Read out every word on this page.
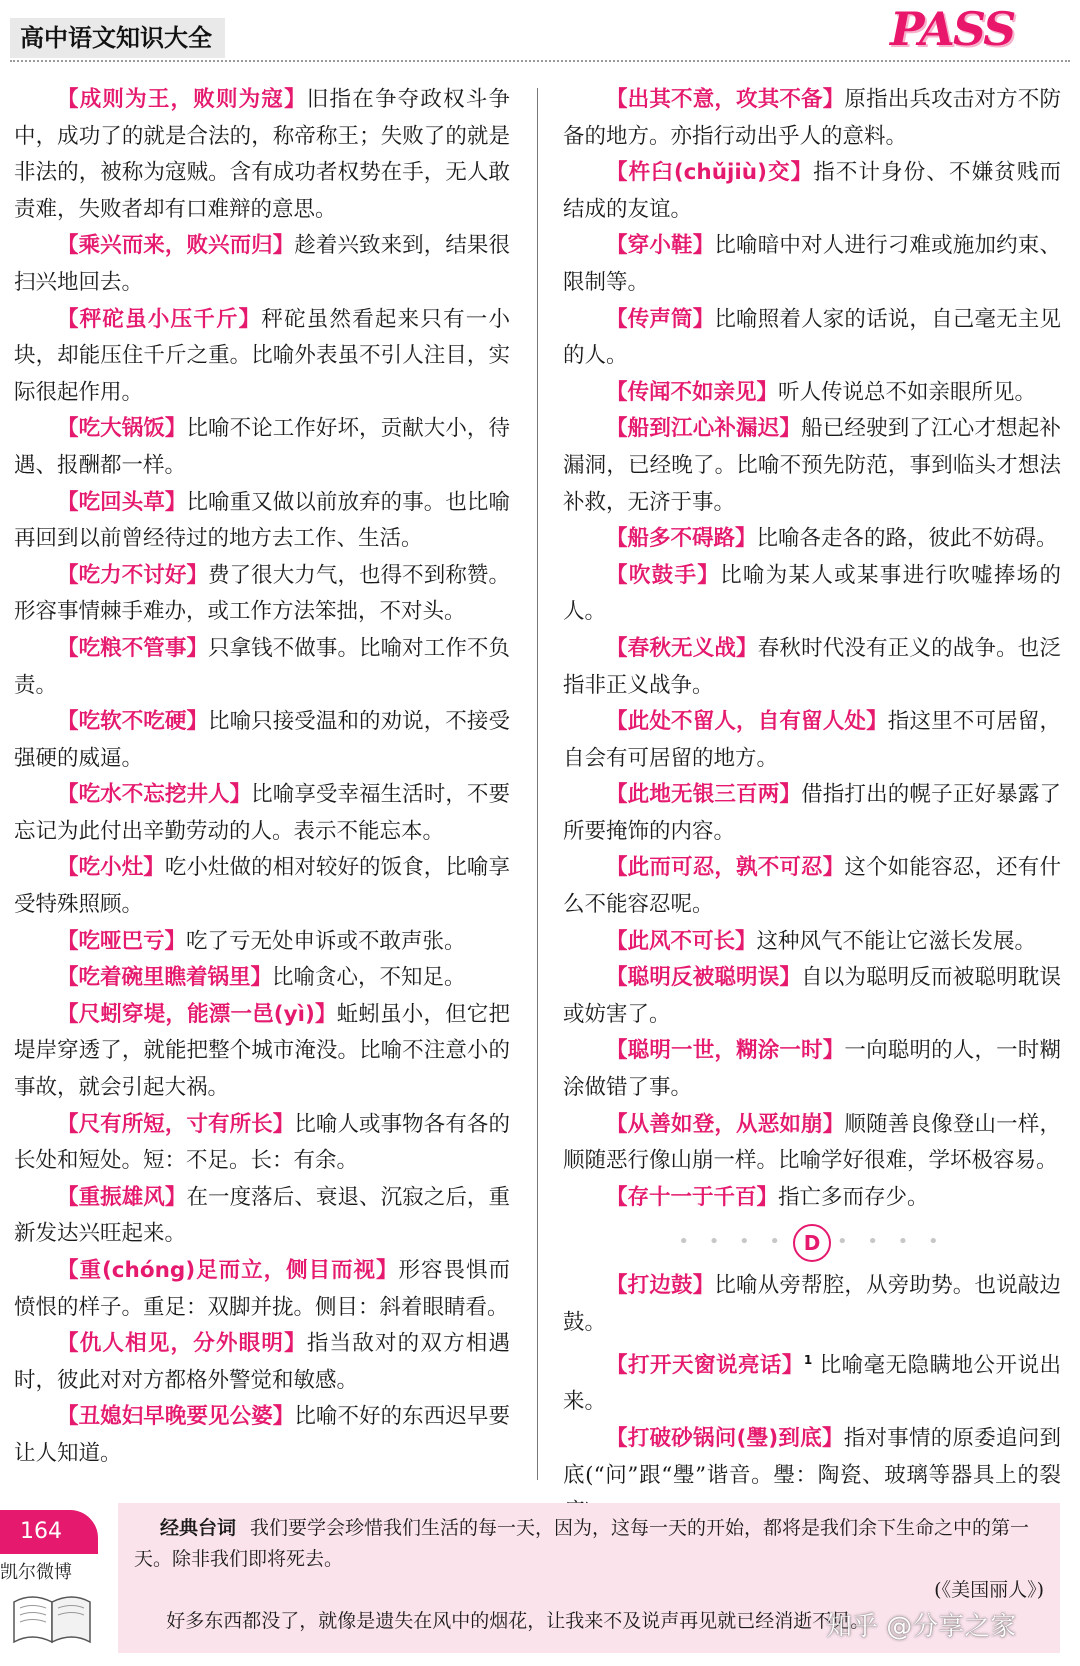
高中语文知识大全	PASS

【成则为王，败则为寇】旧指在争夺政权斗争中，成功了的就是合法的，称帝称王；失败了的就是非法的，被称为寇贼。含有成功者权势在手，无人敢责难，失败者却有口难辩的意思。

【乘兴而来，败兴而归】趁着兴致来到，结果很扫兴地回去。

【秤砣虽小压千斤】秤砣虽然看起来只有一小块，却能压住千斤之重。比喻外表虽不引人注目，实际很起作用。

【吃大锅饭】比喻不论工作好坏，贡献大小，待遇、报酬都一样。

【吃回头草】比喻重又做以前放弃的事。也比喻再回到以前曾经待过的地方去工作、生活。

【吃力不讨好】费了很大力气，也得不到称赞。形容事情棘手难办，或工作方法笨拙，不对头。

【吃粮不管事】只拿钱不做事。比喻对工作不负责。

【吃软不吃硬】比喻只接受温和的劝说，不接受强硬的威逼。

【吃水不忘挖井人】比喻享受幸福生活时，不要忘记为此付出辛勤劳动的人。表示不能忘本。

【吃小灶】吃小灶做的相对较好的饭食，比喻享受特殊照顾。

【吃哑巴亏】吃了亏无处申诉或不敢声张。

【吃着碗里瞧着锅里】比喻贪心，不知足。

【尺蚓穿堤，能漂一邑(yì)】蚯蚓虽小，但它把堤岸穿透了，就能把整个城市淹没。比喻不注意小的事故，就会引起大祸。

【尺有所短，寸有所长】比喻人或事物各有各的长处和短处。短：不足。长：有余。

【重振雄风】在一度落后、衰退、沉寂之后，重新发达兴旺起来。

【重(chóng)足而立，侧目而视】形容畏惧而愤恨的样子。重足：双脚并拢。侧目：斜着眼睛看。

【仇人相见，分外眼明】指当敌对的双方相遇时，彼此对对方都格外警觉和敏感。

【丑媳妇早晚要见公婆】比喻不好的东西迟早要让人知道。

【出其不意，攻其不备】原指出兵攻击对方不防备的地方。亦指行动出乎人的意料。

【杵臼(chǔjiù)交】指不计身份、不嫌贫贱而结成的友谊。

【穿小鞋】比喻暗中对人进行刁难或施加约束、限制等。

【传声筒】比喻照着人家的话说，自己毫无主见的人。

【传闻不如亲见】听人传说总不如亲眼所见。

【船到江心补漏迟】船已经驶到了江心才想起补漏洞，已经晚了。比喻不预先防范，事到临头才想法补救，无济于事。

【船多不碍路】比喻各走各的路，彼此不妨碍。

【吹鼓手】比喻为某人或某事进行吹嘘捧场的人。

【春秋无义战】春秋时代没有正义的战争。也泛指非正义战争。

【此处不留人，自有留人处】指这里不可居留，自会有可居留的地方。

【此地无银三百两】借指打出的幌子正好暴露了所要掩饰的内容。

【此而可忍，孰不可忍】这个如能容忍，还有什么不能容忍呢。

【此风不可长】这种风气不能让它滋长发展。

【聪明反被聪明误】自以为聪明反而被聪明耽误或妨害了。

【聪明一世，糊涂一时】一向聪明的人，一时糊涂做错了事。

【从善如登，从恶如崩】顺随善良像登山一样，顺随恶行像山崩一样。比喻学好很难，学坏极容易。

【存十一于千百】指亡多而存少。

• • • • D • • • •

【打边鼓】比喻从旁帮腔，从旁助势。也说敲边鼓。

【打开天窗说亮话】$^1$ 比喻毫无隐瞒地公开说出来。

【打破砂锅问(璺)到底】指对事情的原委追问到底(“问”跟“璺”谐音。璺：陶瓷、玻璃等器具上的裂

164
凯尔微博

经典台词 我们要学会珍惜我们生活的每一天，因为，这每一天的开始，都将是我们余下生命之中的第一天。除非我们即将死去。

(《美国丽人》)

好多东西都没了，就像是遗失在风中的烟花，让我来不及说声再见就已经消逝不见。

知乎 @分享之家
